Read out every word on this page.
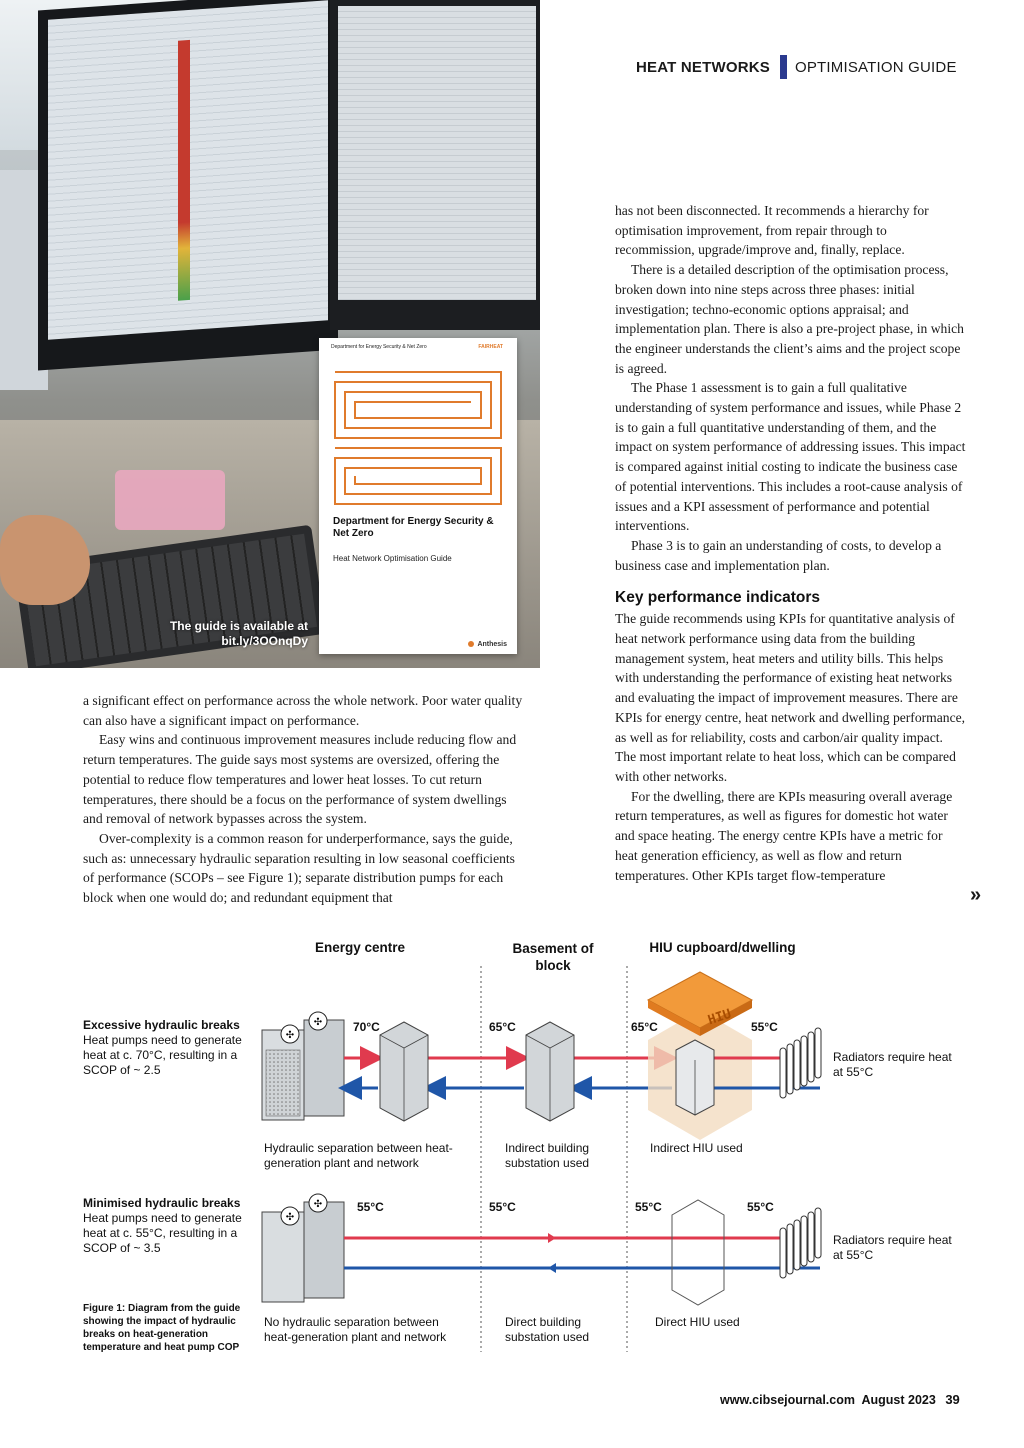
HEAT NETWORKS OPTIMISATION GUIDE
The guide is available at bit.ly/3OOnqDy
Department for Energy Security & Net Zero	FAIRHEAT
Department for Energy Security & Net Zero
Heat Network Optimisation Guide
Anthesis

has not been disconnected. It recommends a hierarchy for optimisation improvement, from repair through to recommission, upgrade/improve and, finally, replace.

There is a detailed description of the optimisation process, broken down into nine steps across three phases: initial investigation; techno-economic options appraisal; and implementation plan. There is also a pre-project phase, in which the engineer understands the client’s aims and the project scope is agreed.

The Phase 1 assessment is to gain a full qualitative understanding of system performance and issues, while Phase 2 is to gain a full quantitative understanding of them, and the impact on system performance of addressing issues. This impact is compared against initial costing to indicate the business case of potential interventions. This includes a root-cause analysis of issues and a KPI assessment of performance and potential interventions.

Phase 3 is to gain an understanding of costs, to develop a business case and implementation plan.

Key performance indicators

The guide recommends using KPIs for quantitative analysis of heat network performance using data from the building management system, heat meters and utility bills. This helps with understanding the performance of existing heat networks and evaluating the impact of improvement measures. There are KPIs for energy centre, heat network and dwelling performance, as well as for reliability, costs and carbon/air quality impact. The most important relate to heat loss, which can be compared with other networks.

For the dwelling, there are KPIs measuring overall average return temperatures, as well as figures for domestic hot water and space heating. The energy centre KPIs have a metric for heat generation efficiency, as well as flow and return temperatures. Other KPIs target flow-temperature

»

a significant effect on performance across the whole network. Poor water quality can also have a significant impact on performance.

Easy wins and continuous improvement measures include reducing flow and return temperatures. The guide says most systems are oversized, offering the potential to reduce flow temperatures and lower heat losses. To cut return temperatures, there should be a focus on the performance of system dwellings and removal of network bypasses across the system.

Over-complexity is a common reason for underperformance, says the guide, such as: unnecessary hydraulic separation resulting in low seasonal coefficients of performance (SCOPs – see Figure 1); separate distribution pumps for each block when one would do; and redundant equipment that

Energy centre	Basement of block
HIU cupboard/dwelling
✣
✣
✣
✣
HIU
Excessive hydraulic breaks
Heat pumps need to generate heat at c. 70°C, resulting in a SCOP of ~ 2.5
70°C	65°C	65°C	55°C
Radiators require heat at 55°C
Hydraulic separation between heat-generation plant and network
Indirect building substation used
Indirect HIU used
Minimised hydraulic breaks
Heat pumps need to generate heat at c. 55°C, resulting in a SCOP of ~ 3.5
55°C	55°C	55°C	55°C
Radiators require heat at 55°C
No hydraulic separation between heat-generation plant and network
Direct building substation used
Direct HIU used
Figure 1: Diagram from the guide showing the impact of hydraulic breaks on heat-generation temperature and heat pump COP
www.cibsejournal.com August 2023 39
